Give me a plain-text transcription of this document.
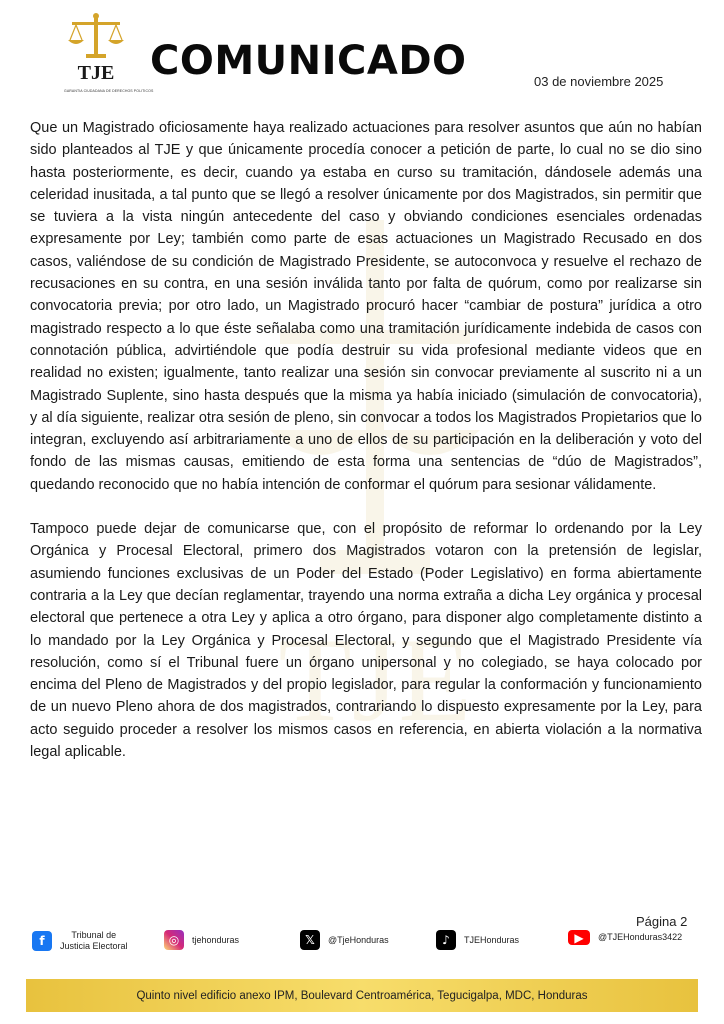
TJE
GARANTIA CIUDADANA DE DERECHOS POLITICOS
COMUNICADO	03 de noviembre 2025
TJE

Que un Magistrado oficiosamente haya realizado actuaciones para resolver asuntos que aún no habían sido planteados al TJE y que únicamente procedía conocer a petición de parte, lo cual no se dio sino hasta posteriormente, es decir, cuando ya estaba en curso su tramitación, dándosele además una celeridad inusitada, a tal punto que se llegó a resolver únicamente por dos Magistrados, sin permitir que se tuviera a la vista ningún antecedente del caso y obviando condiciones esenciales ordenadas expresamente por Ley; también como parte de esas actuaciones un Magistrado Recusado en dos casos, valiéndose de su condición de Magistrado Presidente, se autoconvoca y resuelve el rechazo de recusaciones en su contra, en una sesión inválida tanto por falta de quórum, como por realizarse sin convocatoria previa; por otro lado, un Magistrado procuró hacer “cambiar de postura” jurídica a otro magistrado respecto a lo que éste señalaba como una tramitación jurídicamente indebida de casos con connotación pública, advirtiéndole que podía destruir su vida profesional mediante videos que en realidad no existen; igualmente, tanto realizar una sesión sin convocar previamente al suscrito ni a un Magistrado Suplente, sino hasta después que la misma ya había iniciado (simulación de convocatoria), y al día siguiente, realizar otra sesión de pleno, sin convocar a todos los Magistrados Propietarios que lo integran, excluyendo así arbitrariamente a uno de ellos de su participación en la deliberación y voto del fondo de las mismas causas, emitiendo de esta forma una sentencias de “dúo de Magistrados”, quedando reconocido que no había intención de conformar el quórum para sesionar válidamente.

Tampoco puede dejar de comunicarse que, con el propósito de reformar lo ordenando por la Ley Orgánica y Procesal Electoral, primero dos Magistrados votaron con la pretensión de legislar, asumiendo funciones exclusivas de un Poder del Estado (Poder Legislativo) en forma abiertamente contraria a la Ley que decían reglamentar, trayendo una norma extraña a dicha Ley orgánica y procesal electoral que pertenece a otra Ley y aplica a otro órgano, para disponer algo completamente distinto a lo mandado por la Ley Orgánica y Procesal Electoral, y segundo que el Magistrado Presidente vía resolución, como sí el Tribunal fuere un órgano unipersonal y no colegiado, se haya colocado por encima del Pleno de Magistrados y del propio legislador, para regular la conformación y funcionamiento de un nuevo Pleno ahora de dos magistrados, contrariando lo dispuesto expresamente por la Ley, para acto seguido proceder a resolver los mismos casos en referencia, en abierta violación a la normativa legal aplicable.

Página 2
f	Tribunal de
Justicia Electoral	◎	tjehonduras	𝕏	@TjeHonduras	♪	TJEHonduras	▶	@TJEHonduras3422
Quinto nivel edificio anexo IPM, Boulevard Centroamérica, Tegucigalpa, MDC, Honduras
